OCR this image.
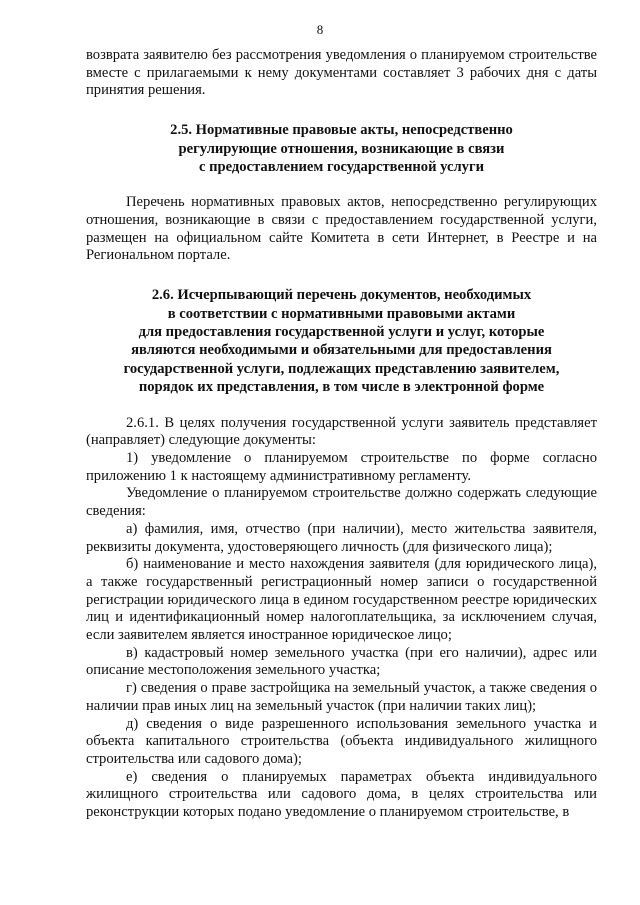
8

возврата заявителю без рассмотрения уведомления о планируемом строительстве вместе с прилагаемыми к нему документами составляет 3 рабочих дня с даты принятия решения.

2.5. Нормативные правовые акты, непосредственно
регулирующие отношения, возникающие в связи
с предоставлением государственной услуги

Перечень нормативных правовых актов, непосредственно регулирующих отношения, возникающие в связи с предоставлением государственной услуги, размещен на официальном сайте Комитета в сети Интернет, в Реестре и на Региональном портале.

2.6. Исчерпывающий перечень документов, необходимых
в соответствии с нормативными правовыми актами
для предоставления государственной услуги и услуг, которые
являются необходимыми и обязательными для предоставления
государственной услуги, подлежащих представлению заявителем,
порядок их представления, в том числе в электронной форме

2.6.1. В целях получения государственной услуги заявитель представляет (направляет) следующие документы:

1) уведомление о планируемом строительстве по форме согласно приложению 1 к настоящему административному регламенту.

Уведомление о планируемом строительстве должно содержать следующие сведения:

а) фамилия, имя, отчество (при наличии), место жительства заявителя, реквизиты документа, удостоверяющего личность (для физического лица);

б) наименование и место нахождения заявителя (для юридического лица), а также государственный регистрационный номер записи о государственной регистрации юридического лица в едином государственном реестре юридических лиц и идентификационный номер налогоплательщика, за исключением случая, если заявителем является иностранное юридическое лицо;

в) кадастровый номер земельного участка (при его наличии), адрес или описание местоположения земельного участка;

г) сведения о праве застройщика на земельный участок, а также сведения о наличии прав иных лиц на земельный участок (при наличии таких лиц);

д) сведения о виде разрешенного использования земельного участка и объекта капитального строительства (объекта индивидуального жилищного строительства или садового дома);

е) сведения о планируемых параметрах объекта индивидуального жилищного строительства или садового дома, в целях строительства или реконструкции которых подано уведомление о планируемом строительстве, в
